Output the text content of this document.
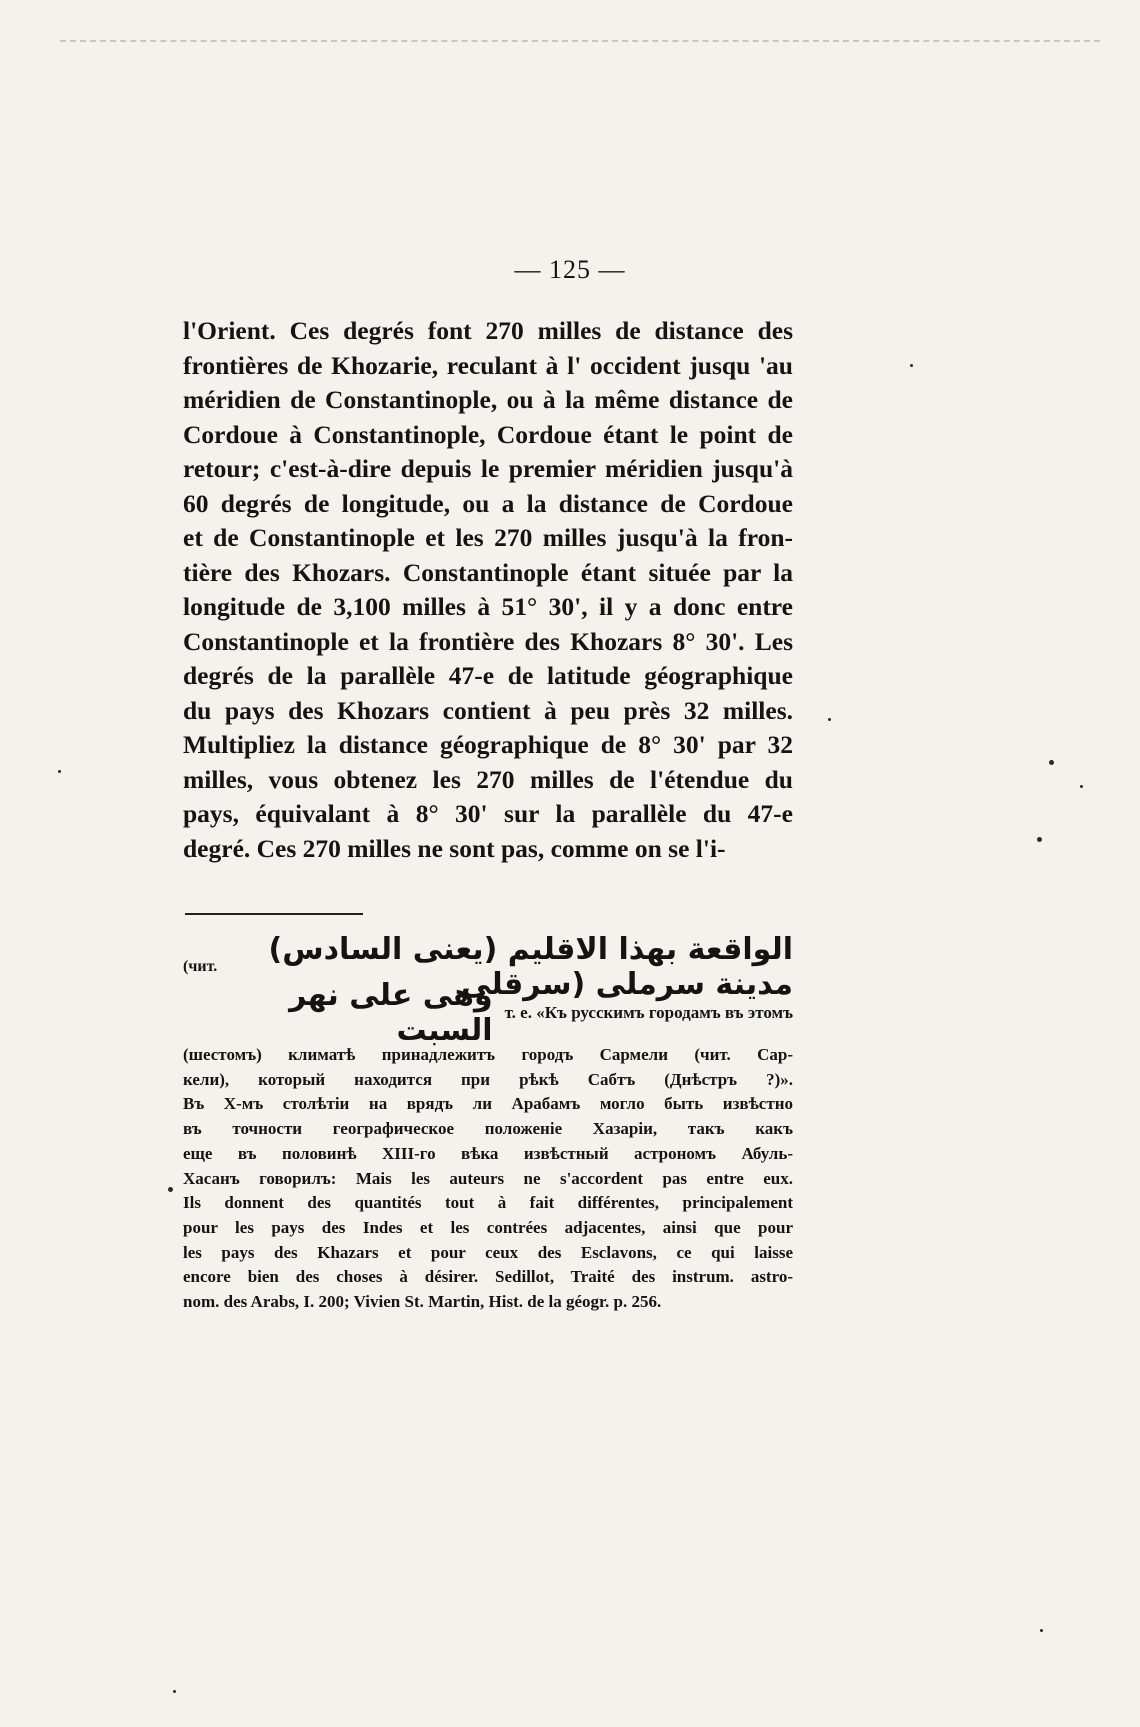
— 125 —
l'Orient. Ces degrés font 270 milles de distance des
frontières de Khozarie, reculant à l' occident jusqu 'au
méridien de Constantinople, ou à la même distance de
Cordoue à Constantinople, Cordoue étant le point de
retour; c'est-à-dire depuis le premier méridien jusqu'à
60 degrés de longitude, ou a la distance de Cordoue
et de Constantinople et les 270 milles jusqu'à la fron-
tière des Khozars. Constantinople étant située par la
longitude de 3,100 milles à 51° 30', il y a donc entre
Constantinople et la frontière des Khozars 8° 30'. Les
degrés de la parallèle 47-e de latitude géographique
du pays des Khozars contient à peu près 32 milles.
Multipliez la distance géographique de 8° 30' par 32
milles, vous obtenez les 270 milles de l'étendue du
pays, équivalant à 8° 30' sur la parallèle du 47-e
degré. Ces 270 milles ne sont pas, comme on se l'i-
(чит.	الواقعة بهذا الاقليم (يعنى السادس) مدينة سرملى (سرقلى
وهى على نهر السبت
т. е. «Къ русскимъ городамъ въ этомъ
(шестомъ) климатѣ принадлежитъ городъ Сармели (чит. Сар-
кели), который находится при рѣкѣ Сабтъ (Днѣстръ ?)».
Въ Х-мъ столѣтіи на врядъ ли Арабамъ могло быть извѣстно
въ точности географическое положеніе Хазаріи, такъ какъ
еще въ половинѣ XIII-го вѣка извѣстный астрономъ Абуль-
Хасанъ говорилъ: Mais les auteurs ne s'accordent pas entre eux.
Ils donnent des quantités tout à fait différentes, principalement
pour les pays des Indes et les contrées adjacentes, ainsi que pour
les pays des Khazars et pour ceux des Esclavons, ce qui laisse
encore bien des choses à désirer. Sedillot, Traité des instrum. astro-
nom. des Arabs, I. 200; Vivien St. Martin, Hist. de la géogr. p. 256.
